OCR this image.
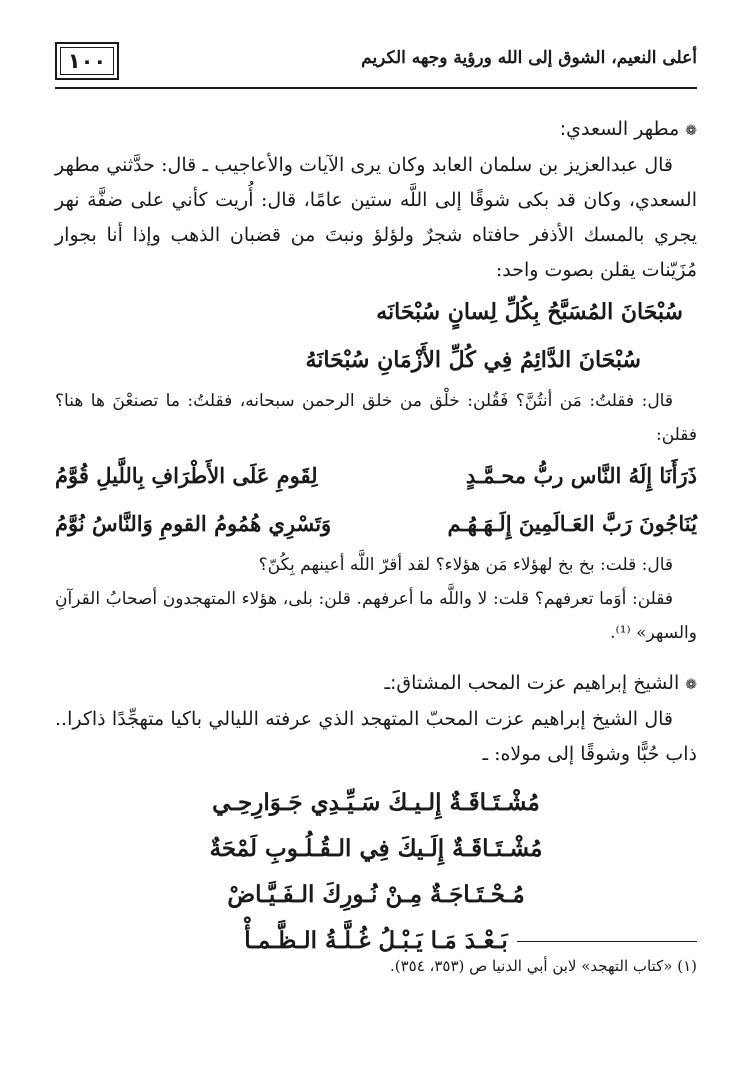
١٠٠	أعلى النعيم، الشوق إلى الله ورؤية وجهه الكريم

❁مطهر السعدي:

قال عبدالعزيز بن سلمان العابد وكان يرى الآيات والأعاجيب ـ قال: حدَّثني مطهر السعدي، وكان قد بكى شوقًا إلى اللَّه ستين عامًا، قال: أُريت كأني على ضفَّة نهر يجري بالمسك الأذفر حافتاه شجرٌ ولؤلؤ ونبتَ من قضبان الذهب وإذا أنا بجوار مُزَيّنات يقلن بصوت واحد:

سُبْحَانَ المُسَبَّحُ بِكُلِّ لِسانٍ سُبْحَانَه

سُبْحَانَ الدَّائِمُ فِي كُلِّ الأَزْمَانِ سُبْحَانَهُ

قال: فقلتُ: مَن أنتُنَّ؟ فَقُلن: خلْق من خلق الرحمن سبحانه، فقلتُ: ما تصنعْنَ ها هنا؟ فقلن:

ذَرَأَنَا إِلَهُ النَّاس ربُّ محـمَّـدٍ
لِقَومِ عَلَى الأَطْرَافِ بِاللَّيلِ قُوَّمُ
يُنَاجُونَ رَبَّ العَـالَمِينَ إِلَـهَـهُـم
وَتَسْرِي هُمُومُ القومِ وَالنَّاسُ نُوَّمُ

قال: قلت: بخ بخ لهؤلاء مَن هؤلاء؟ لقد أقرّ اللَّه أعينهم بِكُنّ؟

فقلن: أوَما تعرفهم؟ قلت: لا واللَّه ما أعرفهم. قلن: بلى، هؤلاء المتهجدون أصحابُ القرآنِ والسهر» ⁽¹⁾.

❁الشيخ إبراهيم عزت المحب المشتاق:ـ

قال الشيخ إبراهيم عزت المحبّ المتهجد الذي عرفته الليالي باكيا متهجِّدًا ذاكرا.. ذاب حُبًّا وشوقًا إلى مولاه: ـ

مُشْـتَـاقَـةٌ إِلـيـكَ سَـيِّـدِي جَـوَارِحِـي

مُشْـتَـاقَـةٌ إِلَـيكَ فِي الـقُـلُـوبِ لَمْحَةٌ

مُـحْـتَـاجَـةٌ مِـنْ نُـورِكَ الـفَـيَّـاضْ

بَـعْـدَ مَـا يَـبْـلُ غُـلَّـةُ الـظَّـمـأْ

(١) «كتاب التهجد» لابن أبي الدنيا ص (٣٥٣، ٣٥٤).
